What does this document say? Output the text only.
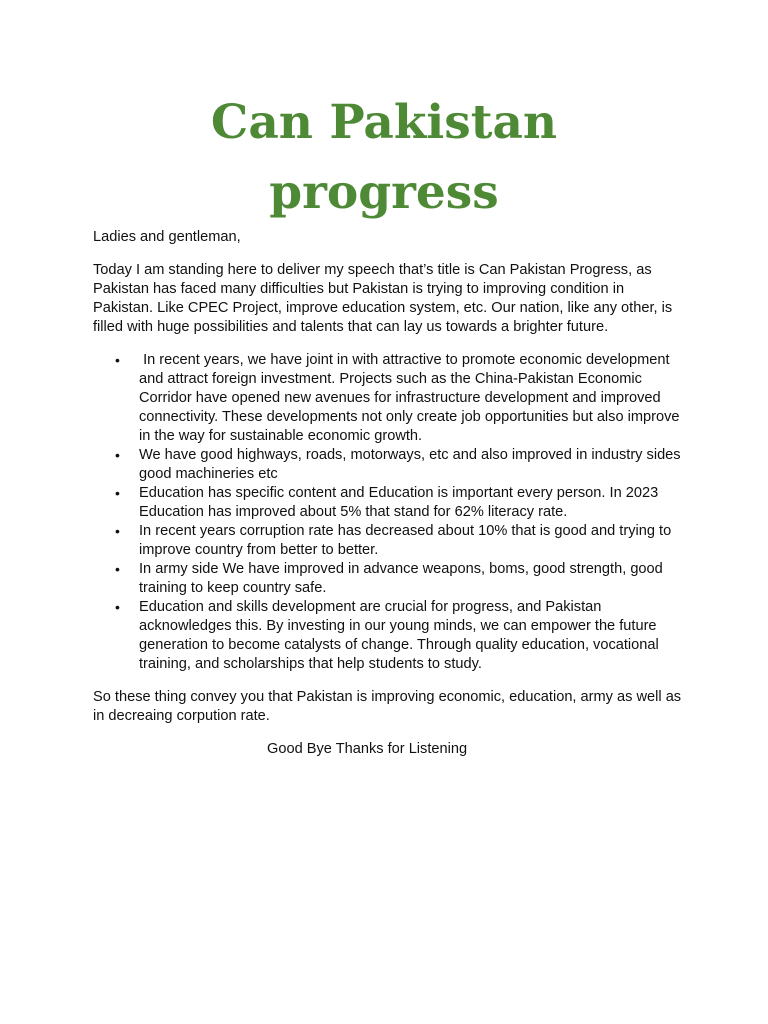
Can Pakistan
progress

Ladies and gentleman,

Today I am standing here to deliver my speech that’s title is Can Pakistan Progress, as Pakistan has faced many difficulties but Pakistan is trying to improving condition in Pakistan. Like CPEC Project, improve education system, etc. Our nation, like any other, is filled with huge possibilities and talents that can lay us towards a brighter future.

• In recent years, we have joint in with attractive to promote economic development and attract foreign investment. Projects such as the China-Pakistan Economic Corridor have opened new avenues for infrastructure development and improved connectivity. These developments not only create job opportunities but also improve in the way for sustainable economic growth.
• We have good highways, roads, motorways, etc and also improved in industry sides good machineries etc
• Education has specific content and Education is important every person. In 2023 Education has improved about 5% that stand for 62% literacy rate.
• In recent years corruption rate has decreased about 10% that is good and trying to improve country from better to better.
• In army side We have improved in advance weapons, boms, good strength, good training to keep country safe.
• Education and skills development are crucial for progress, and Pakistan acknowledges this. By investing in our young minds, we can empower the future generation to become catalysts of change. Through quality education, vocational training, and scholarships that help students to study.

So these thing convey you that Pakistan is improving economic, education, army as well as in decreaing corpution rate.

Good Bye Thanks for Listening
